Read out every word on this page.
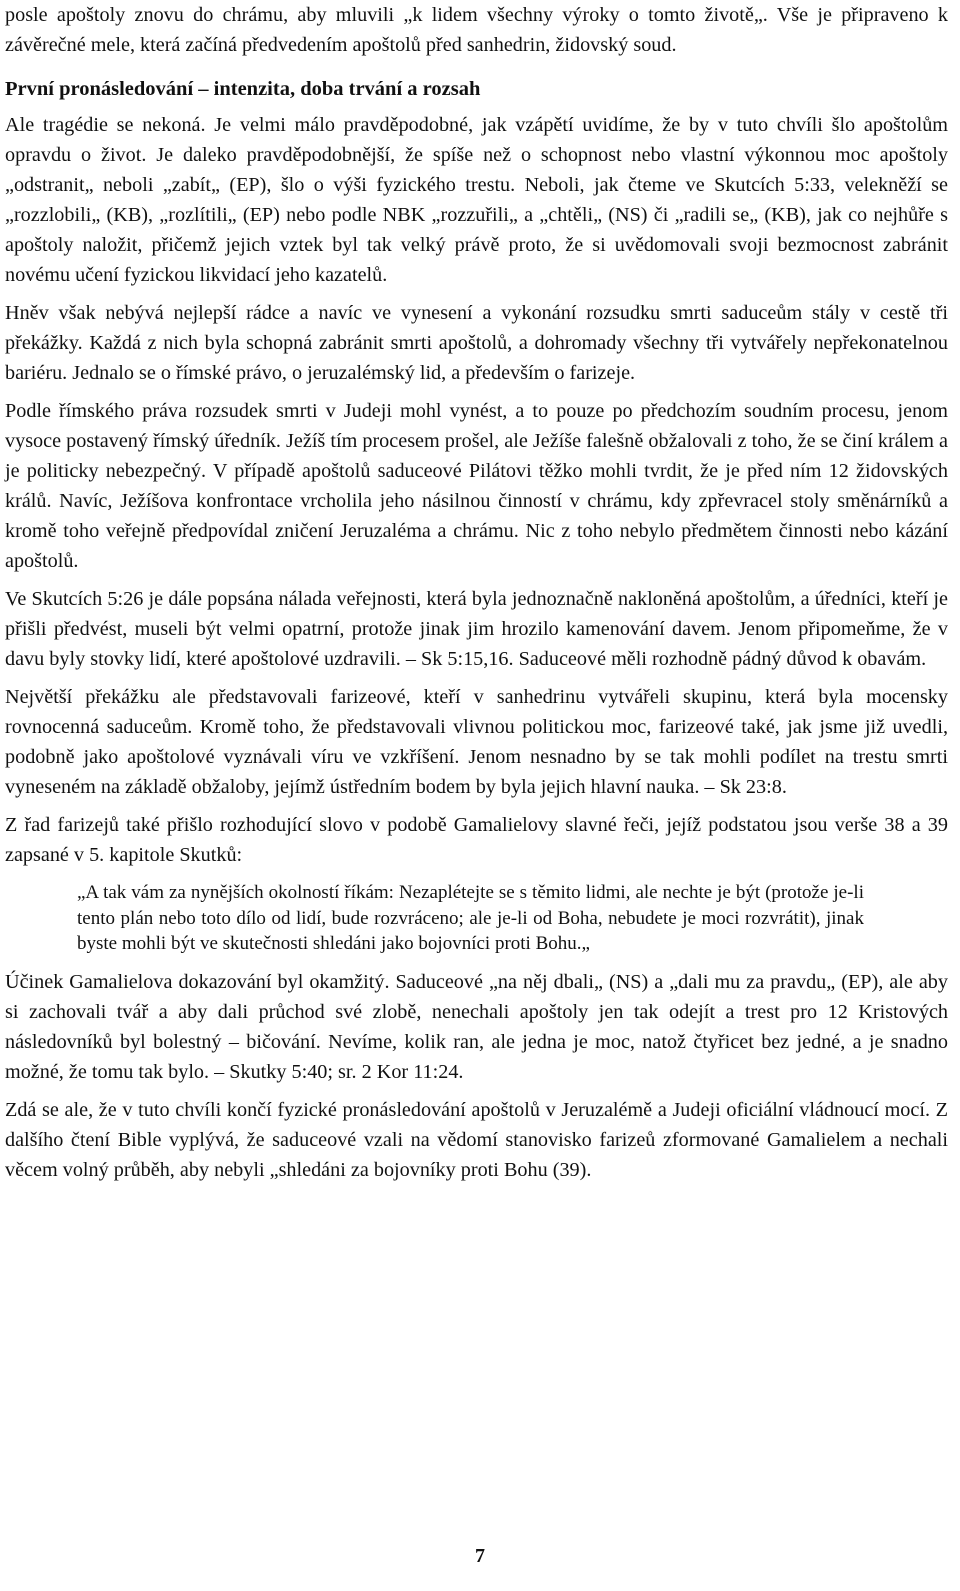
poslе apoštoly znovu do chrámu, aby mluvili „k lidem všechny výroky o tomto životě„. Vše je připraveno k závěrečné mele, která začíná předvedením apoštolů před sanhedrin, židovský soud.

První pronásledování – intenzita, doba trvání a rozsah

Ale tragédie se nekoná. Je velmi málo pravděpodobné, jak vzápětí uvidíme, že by v tuto chvíli šlo apoštolům opravdu o život. Je daleko pravděpodobnější, že spíše než o schopnost nebo vlastní výkonnou moc apoštoly „odstranit„ neboli „zabít„ (EP), šlo o výši fyzického trestu. Neboli, jak čteme ve Skutcích 5:33, velekněží se „rozzlobili„ (KB), „rozlítili„ (EP) nebo podle NBK „rozzuřili„ a „chtěli„ (NS) či „radili se„ (KB), jak co nejhůře s apoštoly naložit, přičemž jejich vztek byl tak velký právě proto, že si uvědomovali svoji bezmocnost zabránit novému učení fyzickou likvidací jeho kazatelů.

Hněv však nebývá nejlepší rádce a navíc ve vynesení a vykonání rozsudku smrti saduceům stály v cestě tři překážky. Každá z nich byla schopná zabránit smrti apoštolů, a dohromady všechny tři vytvářely nepřekonatelnou bariéru. Jednalo se o římské právo, o jeruzalémský lid, a především o farizeje.

Podle římského práva rozsudek smrti v Judeji mohl vynést, a to pouze po předchozím soudním procesu, jenom vysoce postavený římský úředník. Ježíš tím procesem prošel, ale Ježíše falešně obžalovali z toho, že se činí králem a je politicky nebezpečný. V případě apoštolů saduceové Pilátovi těžko mohli tvrdit, že je před ním 12 židovských králů. Navíc, Ježíšova konfrontace vrcholila jeho násilnou činností v chrámu, kdy zpřevracel stoly směnárníků a kromě toho veřejně předpovídal zničení Jeruzaléma a chrámu. Nic z toho nebylo předmětem činnosti nebo kázání apoštolů.

Ve Skutcích 5:26 je dále popsána nálada veřejnosti, která byla jednoznačně nakloněná apoštolům, a úředníci, kteří je přišli předvést, museli být velmi opatrní, protože jinak jim hrozilo kamenování davem. Jenom připomeňme, že v davu byly stovky lidí, které apoštolové uzdravili. – Sk 5:15,16. Saduceové měli rozhodně pádný důvod k obavám.

Největší překážku ale představovali farizeové, kteří v sanhedrinu vytvářeli skupinu, která byla mocensky rovnocenná saduceům. Kromě toho, že představovali vlivnou politickou moc, farizeové také, jak jsme již uvedli, podobně jako apoštolové vyznávali víru ve vzkříšení. Jenom nesnadno by se tak mohli podílet na trestu smrti vyneseném na základě obžaloby, jejímž ústředním bodem by byla jejich hlavní nauka. – Sk 23:8.

Z řad farizejů také přišlo rozhodující slovo v podobě Gamalielovy slavné řeči, jejíž podstatou jsou verše 38 a 39 zapsané v 5. kapitole Skutků:

„A tak vám za nynějších okolností říkám: Nezaplétejte se s těmito lidmi, ale nechte je být (protože je-li tento plán nebo toto dílo od lidí, bude rozvráceno; ale je-li od Boha, nebudete je moci rozvrátit), jinak byste mohli být ve skutečnosti shledáni jako bojovníci proti Bohu.„

Účinek Gamalielova dokazování byl okamžitý. Saduceové „na něj dbali„ (NS) a „dali mu za pravdu„ (EP), ale aby si zachovali tvář a aby dali průchod své zlobě, nenechali apoštoly jen tak odejít a trest pro 12 Kristových následovníků byl bolestný – bičování. Nevíme, kolik ran, ale jedna je moc, natož čtyřicet bez jedné, a je snadno možné, že tomu tak bylo. – Skutky 5:40; sr. 2 Kor 11:24.

Zdá se ale, že v tuto chvíli končí fyzické pronásledování apoštolů v Jeruzalémě a Judeji oficiální vládnoucí mocí. Z dalšího čtení Bible vyplývá, že saduceové vzali na vědomí stanovisko farizeů zformované Gamalielem a nechali věcem volný průběh, aby nebyli „shledáni za bojovníky proti Bohu (39).

7
